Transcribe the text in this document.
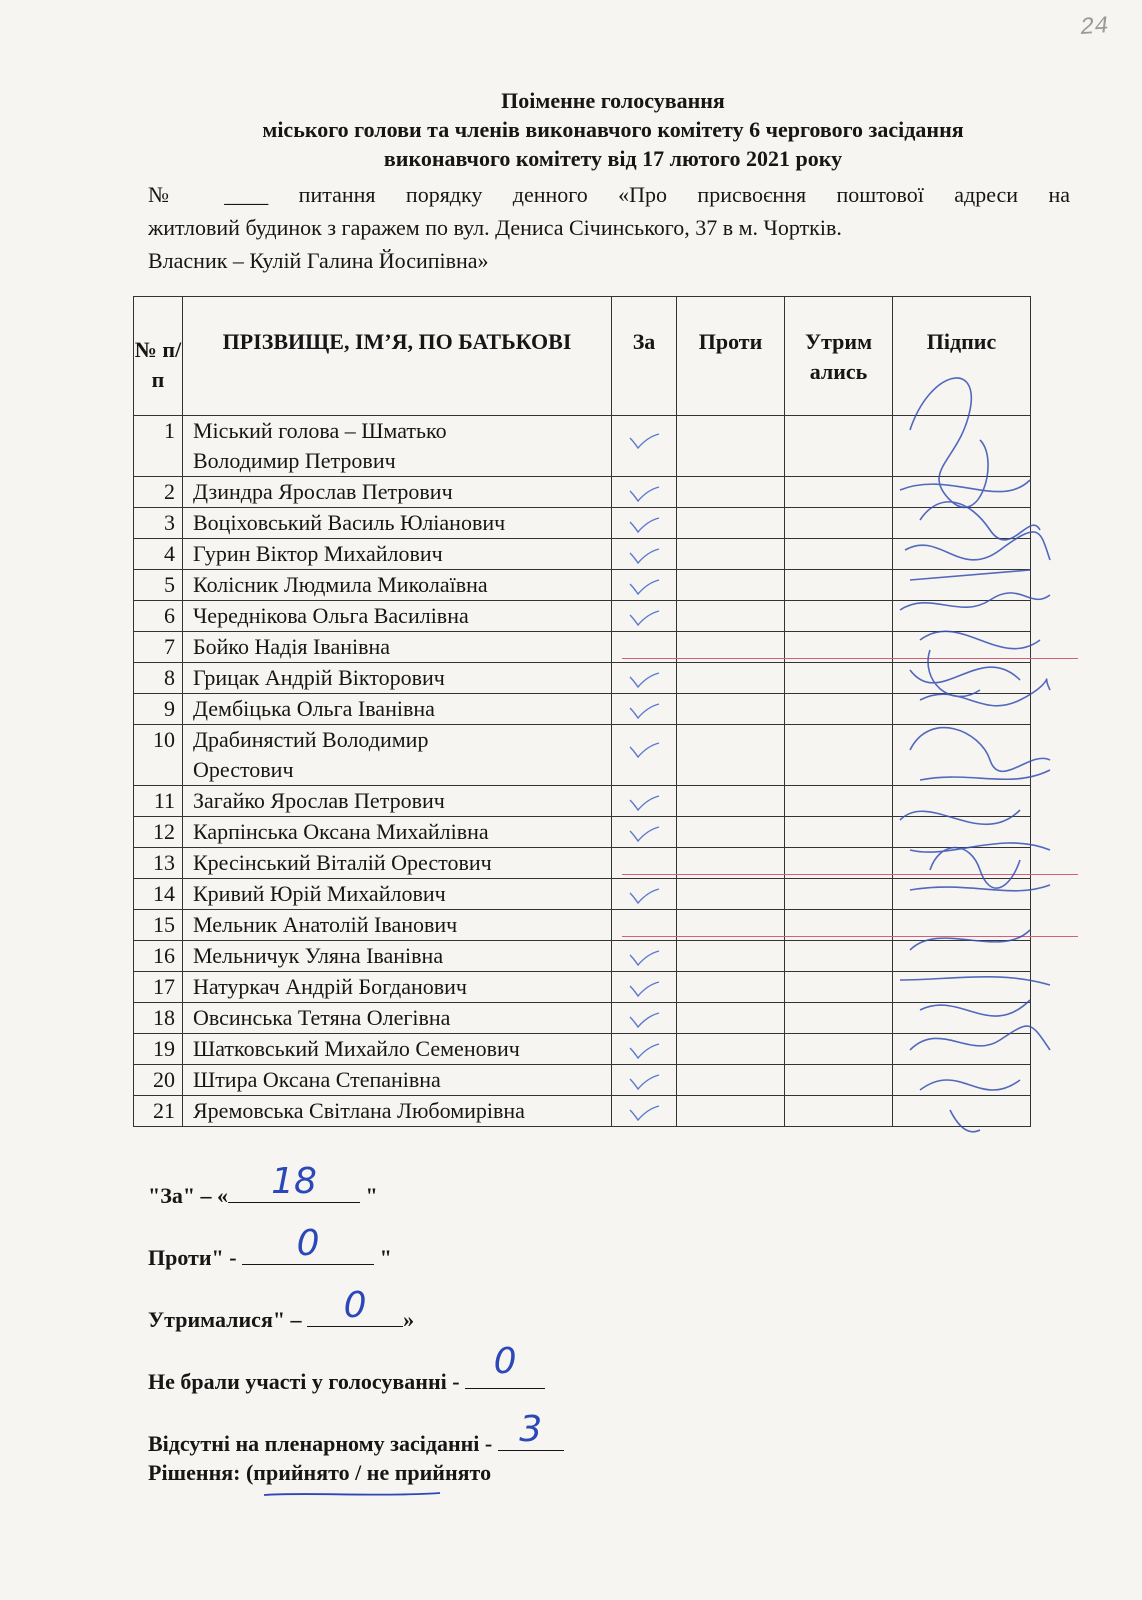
24
Поіменне голосування
міського голови та членів виконавчого комітету 6 чергового засідання
виконавчого комітету від 17 лютого 2021 року
№ ____ питання порядку денного «Про присвоєння поштової адреси на
житловий будинок з гаражем по вул. Дениса Січинського, 37 в м. Чортків.
Власник – Кулій Галина Йосипівна»
№ п/ п	ПРІЗВИЩЕ, ІМ’Я, ПО БАТЬКОВІ	За	Проти	Утрим ались	Підпис
1	Міський голова – Шматько
Володимир Петрович

2	Дзиндра Ярослав Петрович

3	Воціховський Василь Юліанович

4	Гурин Віктор Михайлович

5	Колісник Людмила Миколаївна

6	Череднікова Ольга Василівна

7	Бойко Надія Іванівна				

8	Грицак Андрій Вікторович

9	Дембіцька Ольга Іванівна

10	Драбинястий Володимир
Орестович

11	Загайко Ярослав Петрович

12	Карпінська Оксана Михайлівна

13	Кресінський Віталій Орестович				

14	Кривий Юрій Михайлович

15	Мельник Анатолій Іванович				

16	Мельничук Уляна Іванівна

17	Натуркач Андрій Богданович

18	Овсинська Тетяна Олегівна

19	Шатковський Михайло Семенович

20	Штира Оксана Степанівна

21	Яремовська Світлана Любомирівна

"За" – «	18	"
Проти" -	0	"
Утрималися" –	0	»
Не брали участі у голосуванні - 0
Відсутні на пленарному засіданні - 3
Рішення: (прийнято / не прийнято
